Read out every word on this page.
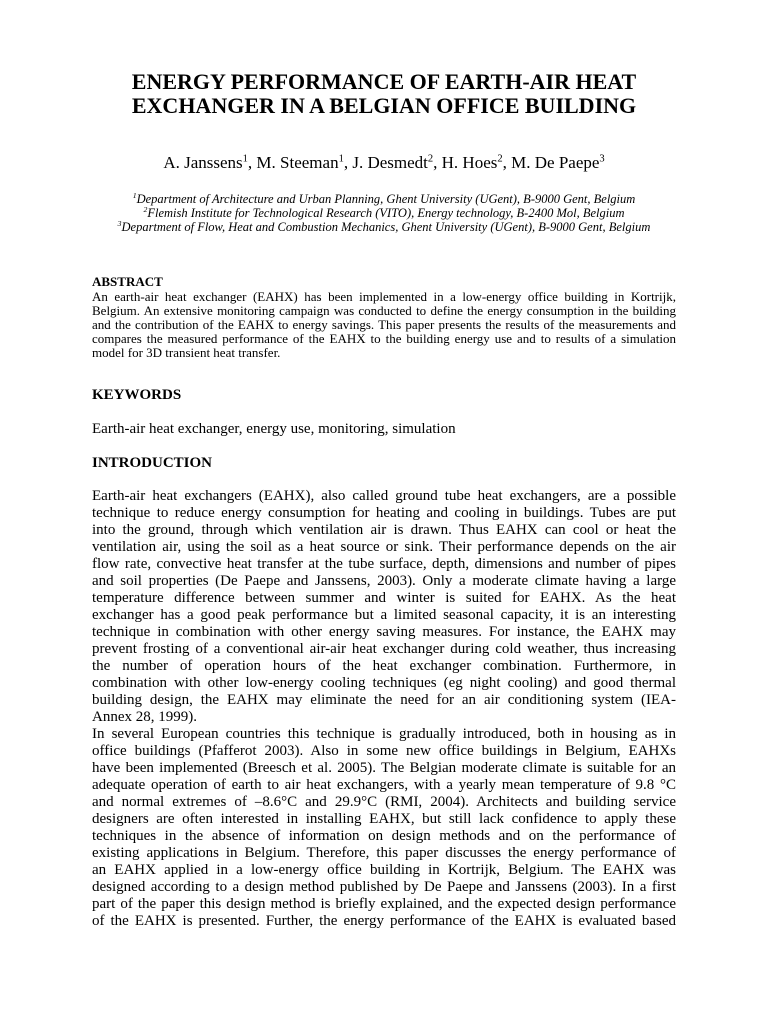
ENERGY PERFORMANCE OF EARTH-AIR HEAT
EXCHANGER IN A BELGIAN OFFICE BUILDING
A. Janssens$^1$, M. Steeman$^1$, J. Desmedt$^2$, H. Hoes$^2$, M. De Paepe$^3$
$^1$Department of Architecture and Urban Planning, Ghent University (UGent), B-9000 Gent, Belgium
$^2$Flemish Institute for Technological Research (VITO), Energy technology, B-2400 Mol, Belgium
$^3$Department of Flow, Heat and Combustion Mechanics, Ghent University (UGent), B-9000 Gent, Belgium
ABSTRACT
An earth-air heat exchanger (EAHX) has been implemented in a low-energy office building in Kortrijk,
Belgium. An extensive monitoring campaign was conducted to define the energy consumption in the building
and the contribution of the EAHX to energy savings. This paper presents the results of the measurements and
compares the measured performance of the EAHX to the building energy use and to results of a simulation
model for 3D transient heat transfer.
KEYWORDS
Earth-air heat exchanger, energy use, monitoring, simulation
INTRODUCTION
Earth-air heat exchangers (EAHX), also called ground tube heat exchangers, are a possible
technique to reduce energy consumption for heating and cooling in buildings. Tubes are put
into the ground, through which ventilation air is drawn. Thus EAHX can cool or heat the
ventilation air, using the soil as a heat source or sink. Their performance depends on the air
flow rate, convective heat transfer at the tube surface, depth, dimensions and number of pipes
and soil properties (De Paepe and Janssens, 2003). Only a moderate climate having a large
temperature difference between summer and winter is suited for EAHX. As the heat
exchanger has a good peak performance but a limited seasonal capacity, it is an interesting
technique in combination with other energy saving measures. For instance, the EAHX may
prevent frosting of a conventional air-air heat exchanger during cold weather, thus increasing
the number of operation hours of the heat exchanger combination. Furthermore, in
combination with other low-energy cooling techniques (eg night cooling) and good thermal
building design, the EAHX may eliminate the need for an air conditioning system (IEA-
Annex 28, 1999).
In several European countries this technique is gradually introduced, both in housing as in
office buildings (Pfafferot 2003). Also in some new office buildings in Belgium, EAHXs
have been implemented (Breesch et al. 2005). The Belgian moderate climate is suitable for an
adequate operation of earth to air heat exchangers, with a yearly mean temperature of 9.8 °C
and normal extremes of –8.6°C and 29.9°C (RMI, 2004). Architects and building service
designers are often interested in installing EAHX, but still lack confidence to apply these
techniques in the absence of information on design methods and on the performance of
existing applications in Belgium. Therefore, this paper discusses the energy performance of
an EAHX applied in a low-energy office building in Kortrijk, Belgium. The EAHX was
designed according to a design method published by De Paepe and Janssens (2003). In a first
part of the paper this design method is briefly explained, and the expected design performance
of the EAHX is presented. Further, the energy performance of the EAHX is evaluated based
